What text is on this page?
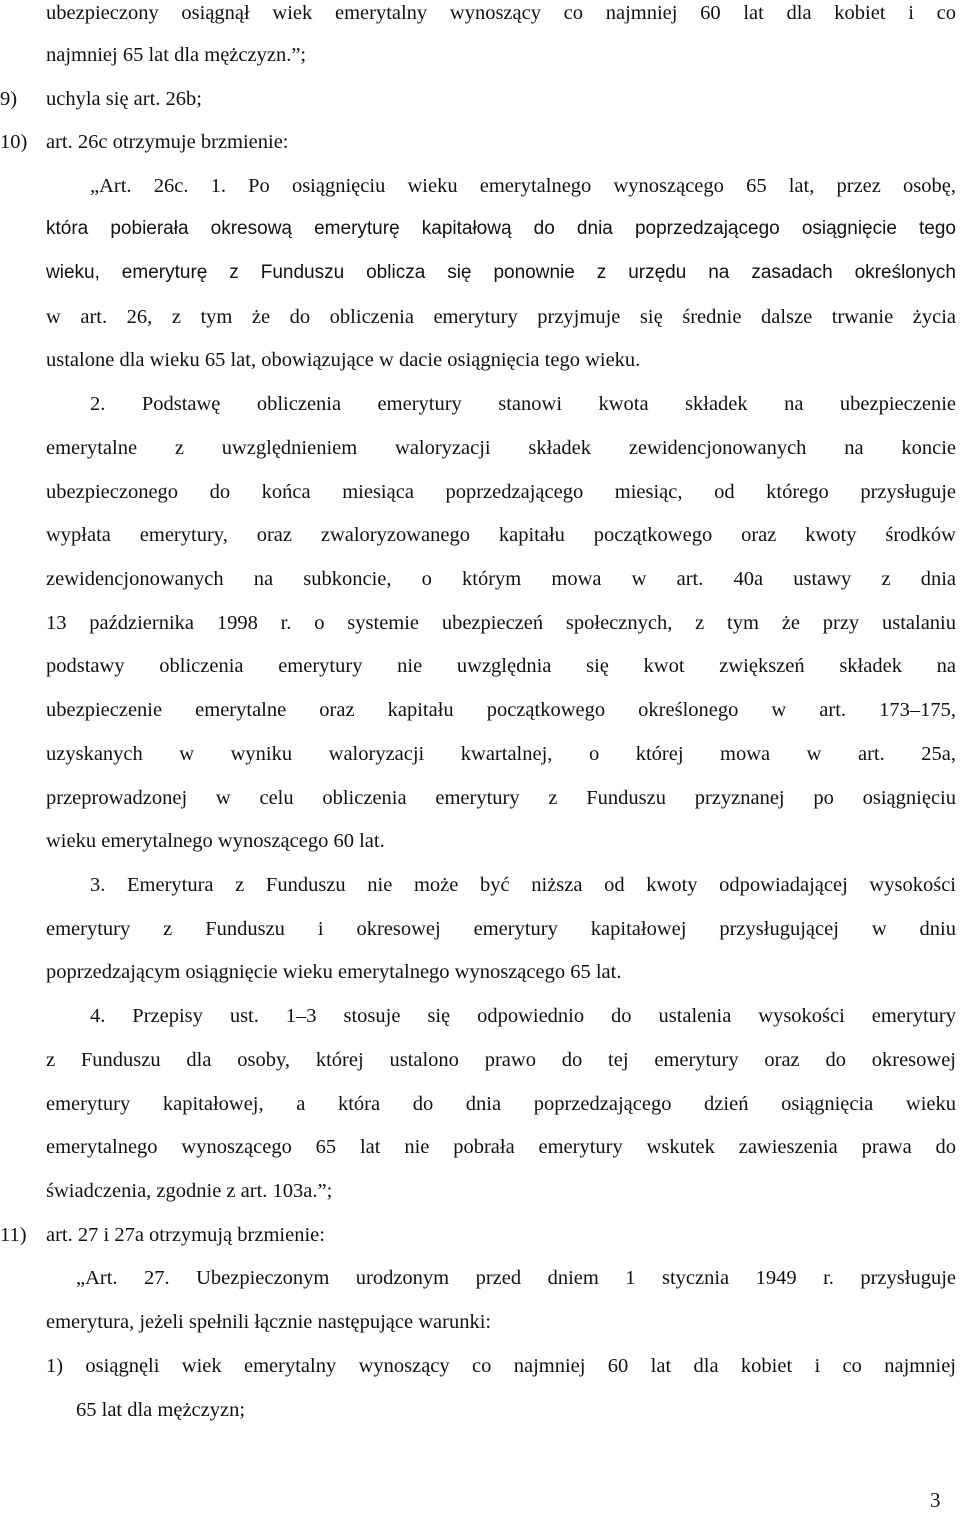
ubezpieczony osiągnął wiek emerytalny wynoszący co najmniej 60 lat dla kobiet i co
najmniej 65 lat dla mężczyzn.”;
9)	uchyla się art. 26b;
10) art. 26c otrzymuje brzmienie:
„Art. 26c. 1. Po osiągnięciu wieku emerytalnego wynoszącego 65 lat, przez osobę,
która pobierała okresową emeryturę kapitałową do dnia poprzedzającego osiągnięcie tego
wieku, emeryturę z Funduszu oblicza się ponownie z urzędu na zasadach określonych
w art. 26, z tym że do obliczenia emerytury przyjmuje się średnie dalsze trwanie życia
ustalone dla wieku 65 lat, obowiązujące w dacie osiągnięcia tego wieku.
2. Podstawę obliczenia emerytury stanowi kwota składek na ubezpieczenie
emerytalne z uwzględnieniem waloryzacji składek zewidencjonowanych na koncie
ubezpieczonego do końca miesiąca poprzedzającego miesiąc, od którego przysługuje
wypłata emerytury, oraz zwaloryzowanego kapitału początkowego oraz kwoty środków
zewidencjonowanych na subkoncie, o którym mowa w art. 40a ustawy z dnia
13 października 1998 r. o systemie ubezpieczeń społecznych, z tym że przy ustalaniu
podstawy obliczenia emerytury nie uwzględnia się kwot zwiększeń składek na
ubezpieczenie emerytalne oraz kapitału początkowego określonego w art. 173–175,
uzyskanych w wyniku waloryzacji kwartalnej, o której mowa w art. 25a,
przeprowadzonej w celu obliczenia emerytury z Funduszu przyznanej po osiągnięciu
wieku emerytalnego wynoszącego 60 lat.
3. Emerytura z Funduszu nie może być niższa od kwoty odpowiadającej wysokości
emerytury z Funduszu i okresowej emerytury kapitałowej przysługującej w dniu
poprzedzającym osiągnięcie wieku emerytalnego wynoszącego 65 lat.
4. Przepisy ust. 1–3 stosuje się odpowiednio do ustalenia wysokości emerytury
z Funduszu dla osoby, której ustalono prawo do tej emerytury oraz do okresowej
emerytury kapitałowej, a która do dnia poprzedzającego dzień osiągnięcia wieku
emerytalnego wynoszącego 65 lat nie pobrała emerytury wskutek zawieszenia prawa do
świadczenia, zgodnie z art. 103a.”;
11) art. 27 i 27a otrzymują brzmienie:
„Art. 27. Ubezpieczonym urodzonym przed dniem 1 stycznia 1949 r. przysługuje
emerytura, jeżeli spełnili łącznie następujące warunki:
1) osiągnęli wiek emerytalny wynoszący co najmniej 60 lat dla kobiet i co najmniej
65 lat dla mężczyzn;
3
